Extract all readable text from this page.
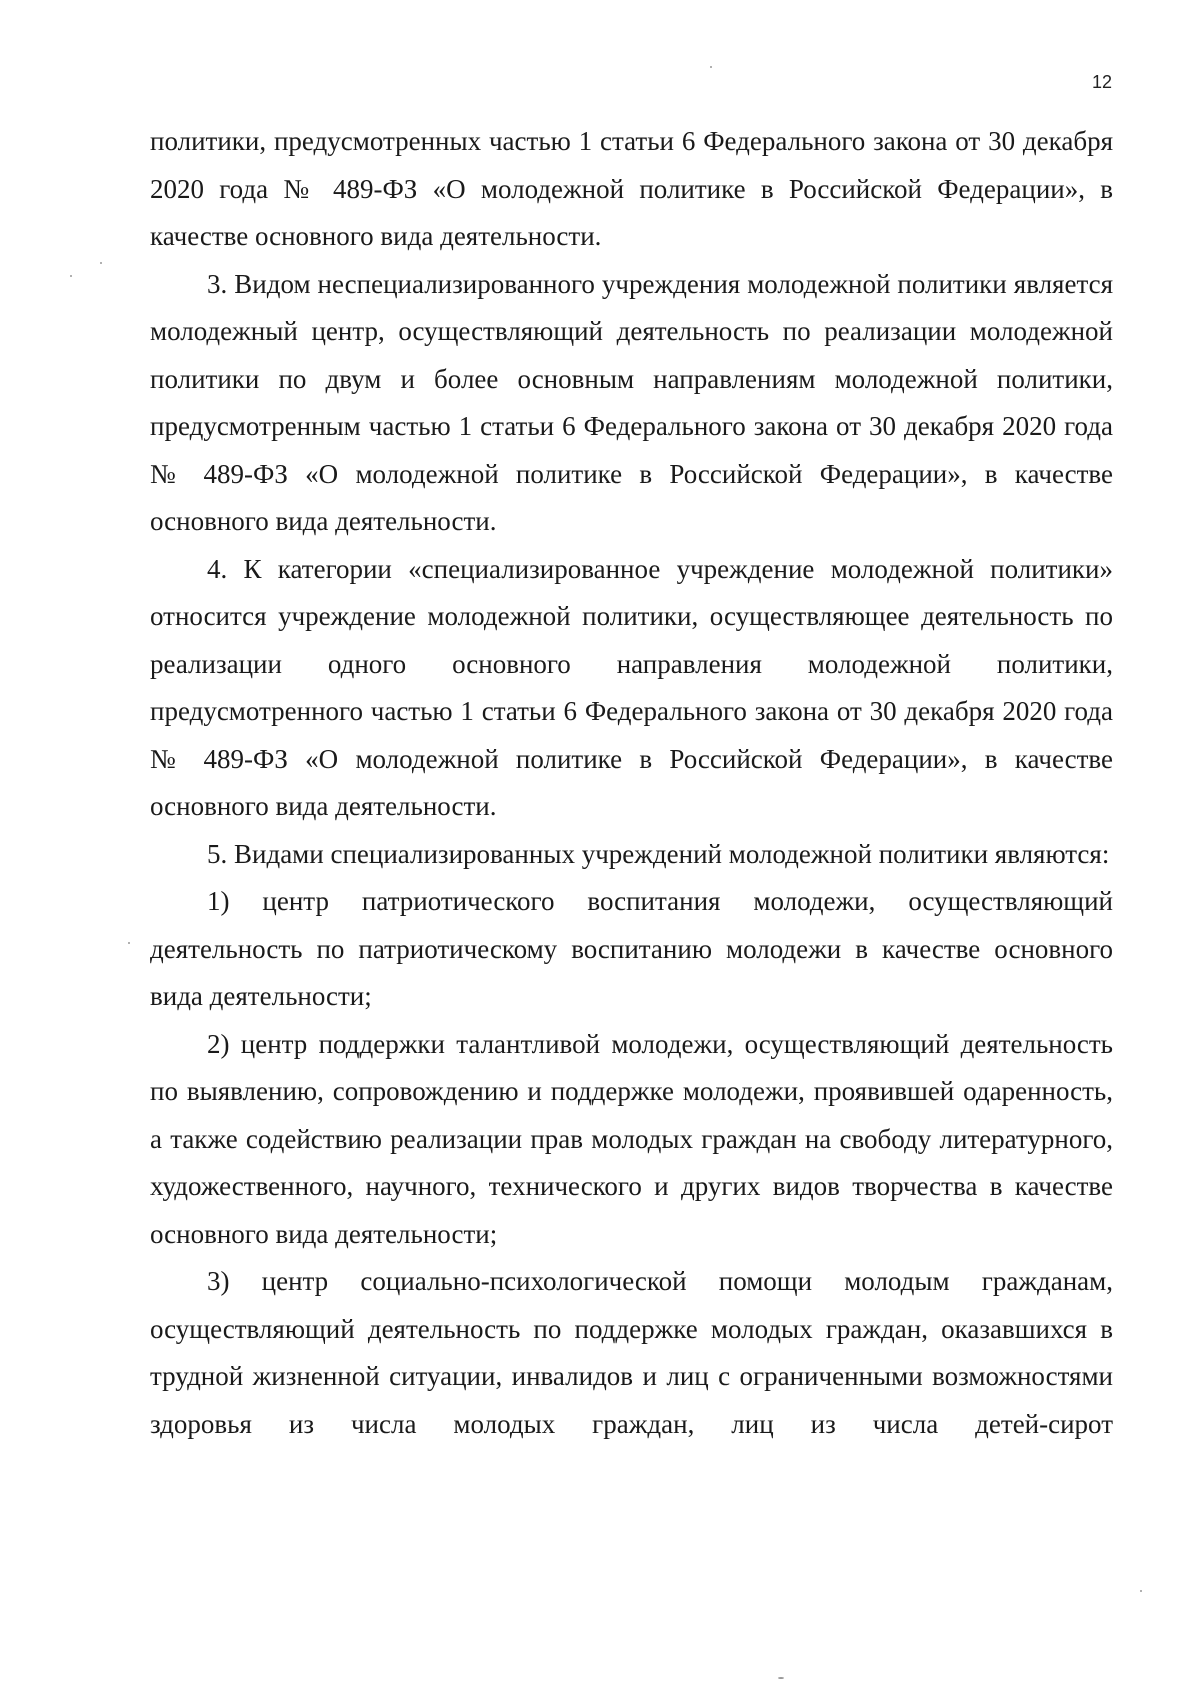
12

политики, предусмотренных частью 1 статьи 6 Федерального закона от 30 декабря 2020 года № 489-ФЗ «О молодежной политике в Российской Федерации», в качестве основного вида деятельности.

3. Видом неспециализированного учреждения молодежной политики является молодежный центр, осуществляющий деятельность по реализации молодежной политики по двум и более основным направлениям молодежной политики, предусмотренным частью 1 статьи 6 Федерального закона от 30 декабря 2020 года № 489-ФЗ «О молодежной политике в Российской Федерации», в качестве основного вида деятельности.

4. К категории «специализированное учреждение молодежной политики» относится учреждение молодежной политики, осуществляющее деятельность по реализации одного основного направления молодежной политики, предусмотренного частью 1 статьи 6 Федерального закона от 30 декабря 2020 года № 489-ФЗ «О молодежной политике в Российской Федерации», в качестве основного вида деятельности.

5. Видами специализированных учреждений молодежной политики являются:

1) центр патриотического воспитания молодежи, осуществляющий деятельность по патриотическому воспитанию молодежи в качестве основного вида деятельности;

2) центр поддержки талантливой молодежи, осуществляющий деятельность по выявлению, сопровождению и поддержке молодежи, проявившей одаренность, а также содействию реализации прав молодых граждан на свободу литературного, художественного, научного, технического и других видов творчества в качестве основного вида деятельности;

3) центр социально-психологической помощи молодым гражданам, осуществляющий деятельность по поддержке молодых граждан, оказавшихся в трудной жизненной ситуации, инвалидов и лиц с ограниченными возможностями здоровья из числа молодых граждан, лиц из числа детей-сирот
